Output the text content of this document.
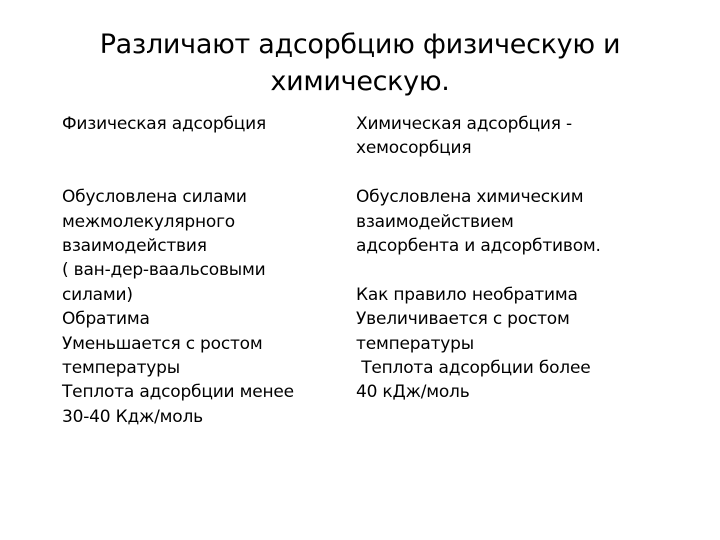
Различают адсорбцию физическую и
химическую.
Физическая адсорбция
Обусловлена силами
межмолекулярного
взаимодействия
( ван-дер-ваальсовыми
силами)
Обратима
Уменьшается с ростом
температуры
Теплота адсорбции менее
30-40 Кдж/моль
Химическая адсорбция -
хемосорбция
Обусловлена химическим
взаимодействием
адсорбента и адсорбтивом.
Как правило необратима
Увеличивается с ростом
температуры
Теплота адсорбции более
40 кДж/моль
